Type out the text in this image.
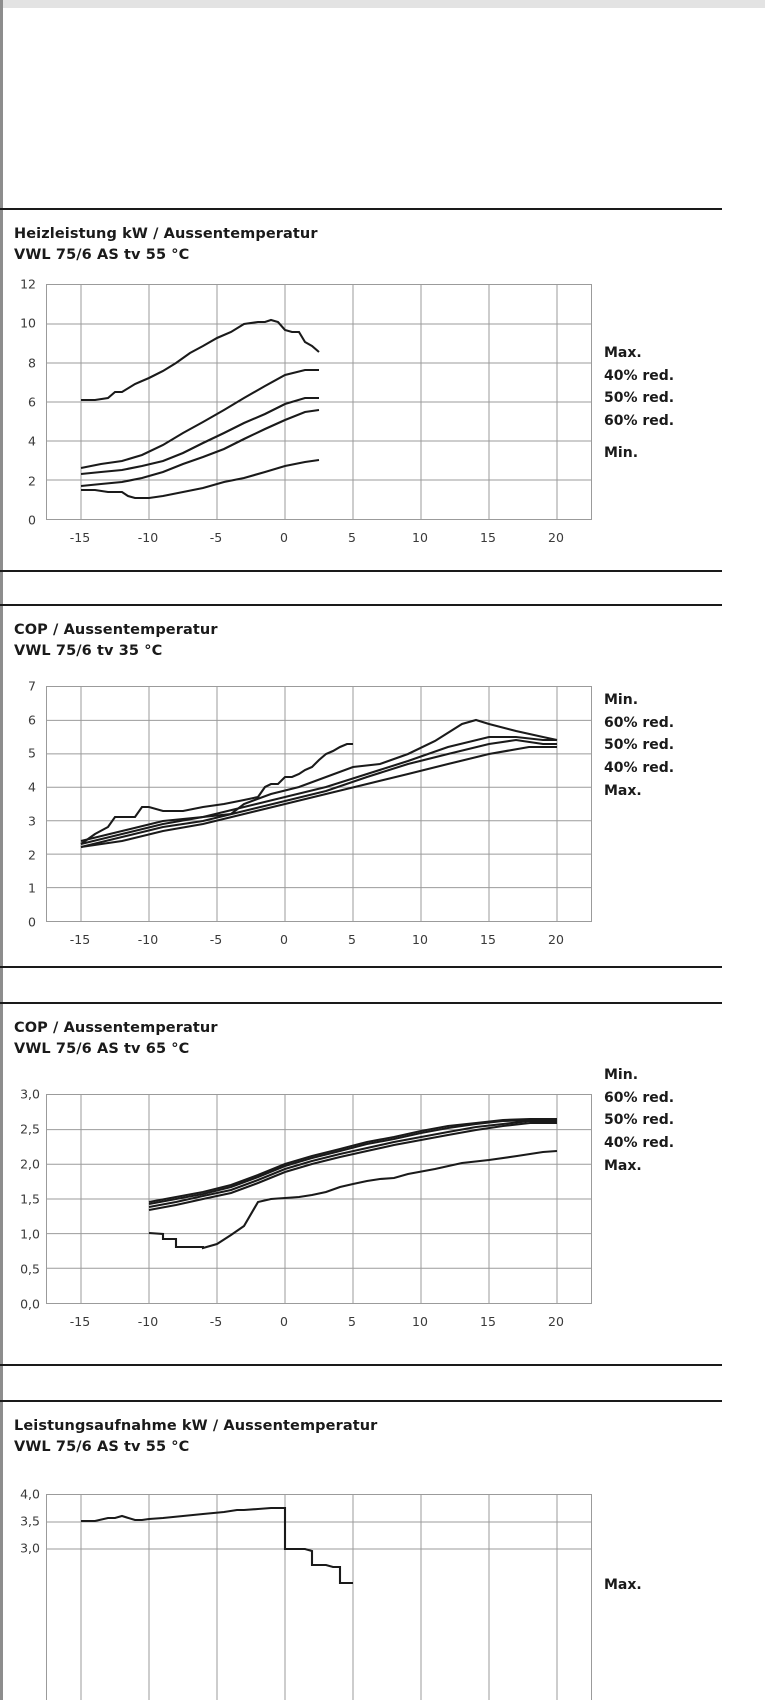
Heizleistung kW / Aussentemperatur
VWL 75/6 AS tv 55 °C
12
10
8
6
4
2
0
-15	-10	-5	0	5	10	15	20
Max.
40% red.
50% red.
60% red.
Min.
COP / Aussentemperatur
VWL 75/6 tv 35 °C
7
6
5
4
3
2
1
0
-15	-10	-5	0	5	10	15	20
Min.
60% red.
50% red.
40% red.
Max.
COP / Aussentemperatur
VWL 75/6 AS tv 65 °C
3,0
2,5
2,0
1,5
1,0
0,5
0,0
-15	-10	-5	0	5	10	15	20
Min.
60% red.
50% red.
40% red.
Max.
Leistungsaufnahme kW / Aussentemperatur
VWL 75/6 AS tv 55 °C
4,0
3,5
3,0
Max.
